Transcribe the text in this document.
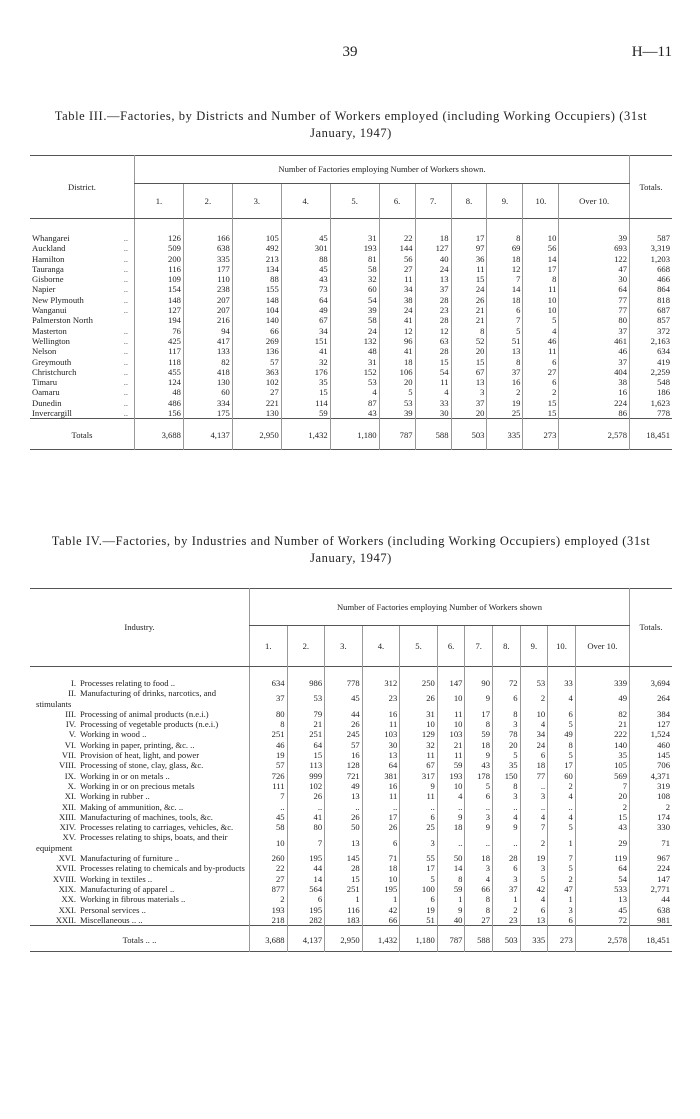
39	H—11
Table III.—Factories, by Districts and Number of Workers employed (including Working Occupiers) (31st January, 1947)
District.	Number of Factories employing Number of Workers shown.											Totals.
	1.	2.	3.	4.	5.	6.	7.	8.	9.	10.	Over 10.	

..
Whangarei	126	166	105	45	31	22	18	17	8	10	39	587

..
Auckland	509	638	492	301	193	144	127	97	69	56	693	3,319

..
Hamilton	200	335	213	88	81	56	40	36	18	14	122	1,203

..
Tauranga	116	177	134	45	58	27	24	11	12	17	47	668

..
Gisborne	109	110	88	43	32	11	13	15	7	8	30	466

..
Napier	154	238	155	73	60	34	37	24	14	11	64	864

..
New Plymouth	148	207	148	64	54	38	28	26	18	10	77	818

..
Wanganui	127	207	104	49	39	24	23	21	6	10	77	687

Palmerston North	194	216	140	67	58	41	28	21	7	5	80	857

..
Masterton	76	94	66	34	24	12	12	8	5	4	37	372

..
Wellington	425	417	269	151	132	96	63	52	51	46	461	2,163

..
Nelson	117	133	136	41	48	41	28	20	13	11	46	634

..
Greymouth	118	82	57	32	31	18	15	15	8	6	37	419

..
Christchurch	455	418	363	176	152	106	54	67	37	27	404	2,259

..
Timaru	124	130	102	35	53	20	11	13	16	6	38	548

..
Oamaru	48	60	27	15	4	5	4	3	2	2	16	186

..
Dunedin	486	334	221	114	87	53	33	37	19	15	224	1,623

..
Invercargill	156	175	130	59	43	39	30	20	25	15	86	778
Totals	3,688	4,137	2,950	1,432	1,180	787	588	503	335	273	2,578	18,451
Table IV.—Factories, by Industries and Number of Workers (including Working Occupiers) employed (31st January, 1947)
Industry.	Number of Factories employing Number of Workers shown											Totals.
	1.	2.	3.	4.	5.	6.	7.	8.	9.	10.	Over 10.	
I. Processes relating to food ..	634	986	778	312	250	147	90	72	53	33	339	3,694
II. Manufacturing of drinks, narcotics, and stimulants	37	53	45	23	26	10	9	6	2	4	49	264
III. Processing of animal products (n.e.i.)	80	79	44	16	31	11	17	8	10	6	82	384
IV. Processing of vegetable products (n.e.i.)	8	21	26	11	10	10	8	3	4	5	21	127
V. Working in wood ..	251	251	245	103	129	103	59	78	34	49	222	1,524
VI. Working in paper, printing, &c. ..	46	64	57	30	32	21	18	20	24	8	140	460
VII. Provision of heat, light, and power	19	15	16	13	11	11	9	5	6	5	35	145
VIII. Processing of stone, clay, glass, &c.	57	113	128	64	67	59	43	35	18	17	105	706
IX. Working in or on metals ..	726	999	721	381	317	193	178	150	77	60	569	4,371
X. Working in or on precious metals	111	102	49	16	9	10	5	8	..	2	7	319
XI. Working in rubber ..	7	26	13	11	11	4	6	3	3	4	20	108
XII. Making of ammunition, &c. ..	..	..	..	..	..	..	..	..	..	..	2	2
XIII. Manufacturing of machines, tools, &c.	45	41	26	17	6	9	3	4	4	4	15	174
XIV. Processes relating to carriages, vehicles, &c.	58	80	50	26	25	18	9	9	7	5	43	330
XV. Processes relating to ships, boats, and their equipment	10	7	13	6	3	..	..	..	2	1	29	71
XVI. Manufacturing of furniture ..	260	195	145	71	55	50	18	28	19	7	119	967
XVII. Processes relating to chemicals and by-products	22	44	28	18	17	14	3	6	3	5	64	224
XVIII. Working in textiles ..	27	14	15	10	5	8	4	3	5	2	54	147
XIX. Manufacturing of apparel ..	877	564	251	195	100	59	66	37	42	47	533	2,771
XX. Working in fibrous materials ..	2	6	1	1	6	1	8	1	4	1	13	44
XXI. Personal services ..	193	195	116	42	19	9	8	2	6	3	45	638
XXII. Miscellaneous .. ..	218	282	183	66	51	40	27	23	13	6	72	981
Totals .. ..	3,688	4,137	2,950	1,432	1,180	787	588	503	335	273	2,578	18,451
